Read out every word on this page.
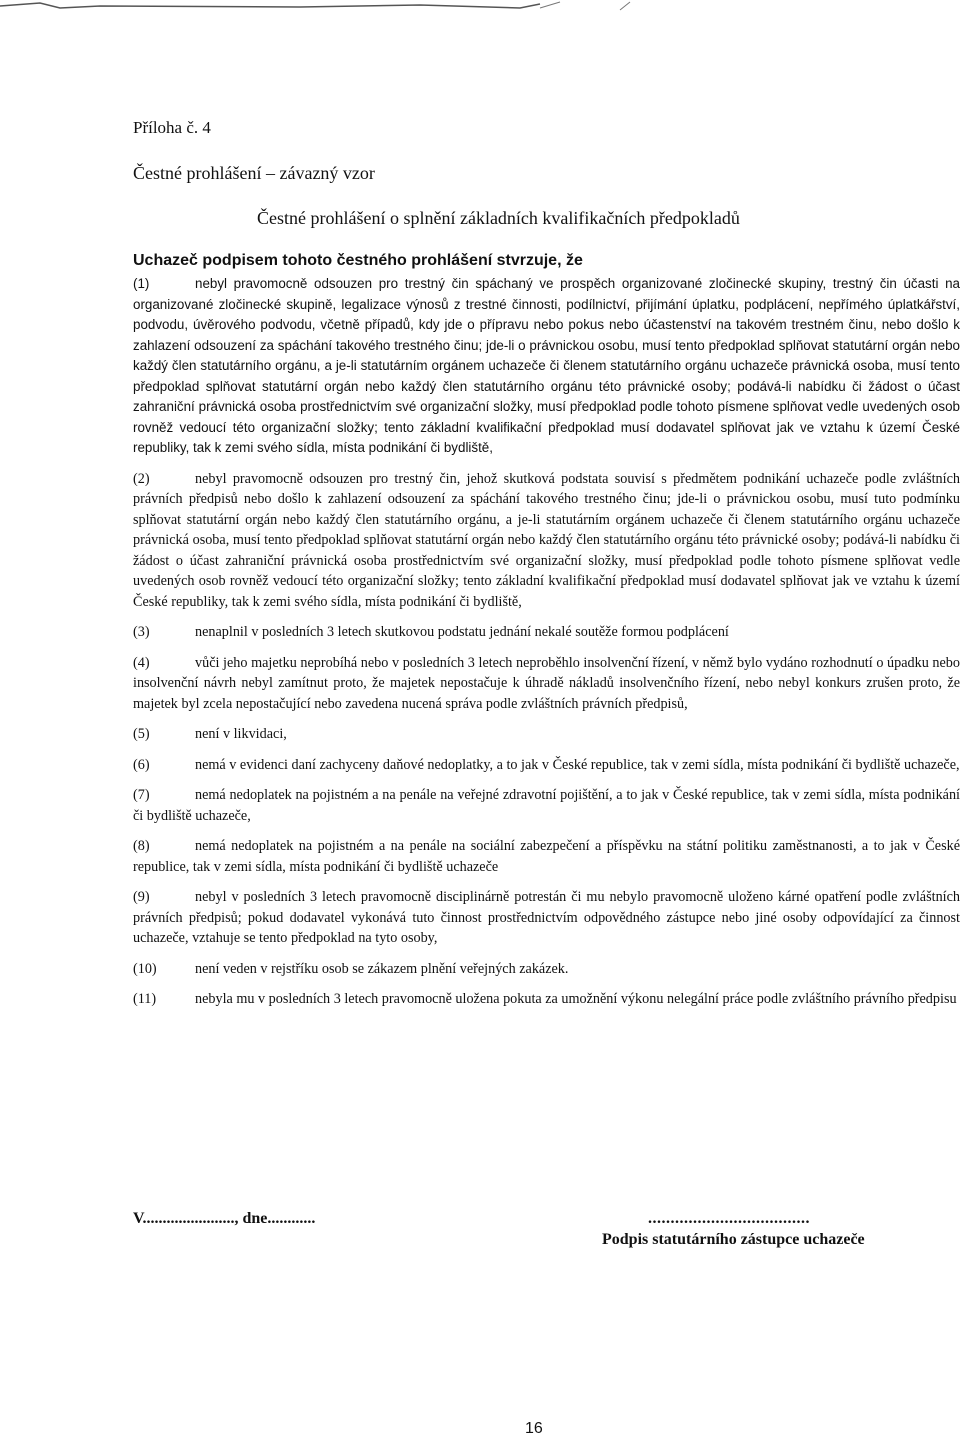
Příloha č. 4
Čestné prohlášení – závazný vzor
Čestné prohlášení o splnění základních kvalifikačních předpokladů
Uchazeč podpisem tohoto čestného prohlášení stvrzuje, že
(1)	nebyl pravomocně odsouzen pro trestný čin spáchaný ve prospěch organizované zločinecké skupiny, trestný čin účasti na organizované zločinecké skupině, legalizace výnosů z trestné činnosti, podílnictví, přijímání úplatku, podplácení, nepřímého úplatkářství, podvodu, úvěrového podvodu, včetně případů, kdy jde o přípravu nebo pokus nebo účastenství na takovém trestném činu, nebo došlo k zahlazení odsouzení za spáchání takového trestného činu; jde-li o právnickou osobu, musí tento předpoklad splňovat statutární orgán nebo každý člen statutárního orgánu, a je-li statutárním orgánem uchazeče či členem statutárního orgánu uchazeče právnická osoba, musí tento předpoklad splňovat statutární orgán nebo každý člen statutárního orgánu této právnické osoby; podává-li nabídku či žádost o účast zahraniční právnická osoba prostřednictvím své organizační složky, musí předpoklad podle tohoto písmene splňovat vedle uvedených osob rovněž vedoucí této organizační složky; tento základní kvalifikační předpoklad musí dodavatel splňovat jak ve vztahu k území České republiky, tak k zemi svého sídla, místa podnikání či bydliště,
(2)	nebyl pravomocně odsouzen pro trestný čin, jehož skutková podstata souvisí s předmětem podnikání uchazeče podle zvláštních právních předpisů nebo došlo k zahlazení odsouzení za spáchání takového trestného činu; jde-li o právnickou osobu, musí tuto podmínku splňovat statutární orgán nebo každý člen statutárního orgánu, a je-li statutárním orgánem uchazeče či členem statutárního orgánu uchazeče právnická osoba, musí tento předpoklad splňovat statutární orgán nebo každý člen statutárního orgánu této právnické osoby; podává-li nabídku či žádost o účast zahraniční právnická osoba prostřednictvím své organizační složky, musí předpoklad podle tohoto písmene splňovat vedle uvedených osob rovněž vedoucí této organizační složky; tento základní kvalifikační předpoklad musí dodavatel splňovat jak ve vztahu k území České republiky, tak k zemi svého sídla, místa podnikání či bydliště,
(3)	nenaplnil v posledních 3 letech skutkovou podstatu jednání nekalé soutěže formou podplácení
(4)	vůči jeho majetku neprobíhá nebo v posledních 3 letech neproběhlo insolvenční řízení, v němž bylo vydáno rozhodnutí o úpadku nebo insolvenční návrh nebyl zamítnut proto, že majetek nepostačuje k úhradě nákladů insolvenčního řízení, nebo nebyl konkurs zrušen proto, že majetek byl zcela nepostačující nebo zavedena nucená správa podle zvláštních právních předpisů,
(5)	není v likvidaci,
(6)	nemá v evidenci daní zachyceny daňové nedoplatky, a to jak v České republice, tak v zemi sídla, místa podnikání či bydliště uchazeče,
(7)	nemá nedoplatek na pojistném a na penále na veřejné zdravotní pojištění, a to jak v České republice, tak v zemi sídla, místa podnikání či bydliště uchazeče,
(8)	nemá nedoplatek na pojistném a na penále na sociální zabezpečení a příspěvku na státní politiku zaměstnanosti, a to jak v České republice, tak v zemi sídla, místa podnikání či bydliště uchazeče
(9)	nebyl v posledních 3 letech pravomocně disciplinárně potrestán či mu nebylo pravomocně uloženo kárné opatření podle zvláštních právních předpisů; pokud dodavatel vykonává tuto činnost prostřednictvím odpovědného zástupce nebo jiné osoby odpovídající za činnost uchazeče, vztahuje se tento předpoklad na tyto osoby,
(10)	není veden v rejstříku osob se zákazem plnění veřejných zakázek.
(11)	nebyla mu v posledních 3 letech pravomocně uložena pokuta za umožnění výkonu nelegální práce podle zvláštního právního předpisu
V......................., dne............	....................................
Podpis statutárního zástupce uchazeče
16
